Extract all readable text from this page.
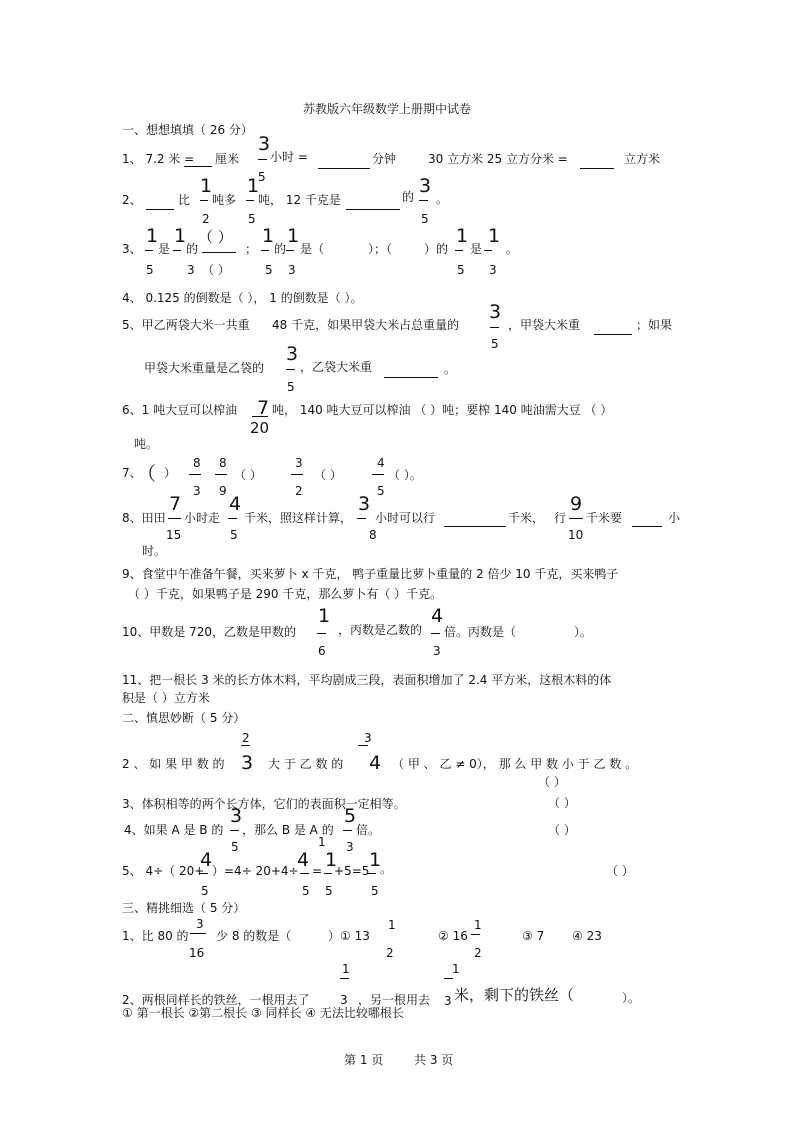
苏教版六年级数学上册期中试卷
一、想想填填（ 26 分）
1、 7.2 米 = 厘米
3
5
小时 =	分钟	30 立方米 25 立方分米 =	立方米
2、	比
1
2
吨多
1
5
吨， 12 千克是	的 3
5
。
3、
1
5
是
1
3
的
（ ）
（ ）
；
1
5
的
1
3
是（	）；（	）的
1
5
是
1
3
。
4、 0.125 的倒数是（ ）， 1 的倒数是（ ）。
5、甲乙两袋大米一共重 48 千克，如果甲袋大米占总重量的
3
5
，甲袋大米重	；如果
甲袋大米重量是乙袋的
3
5
，乙袋大米重	。
6、1 吨大豆可以榨油 7
20
吨， 140 吨大豆可以榨油 （ ）吨；要榨 140 吨油需大豆 （ ）
吨。
7、
（ ）
8
3
8
9
（ ）
3
2
（ ）
4
5
（ ）。
8、田田
7
15
小时走
4
5
千米，照这样计算，
3
8
小时可以行	千米， 行
9
10
千米要	小
时。
9、食堂中午准备午餐，买来萝卜 x 千克， 鸭子重量比萝卜重量的 2 倍少 10 千克，买来鸭子
（ ）千克，如果鸭子是 290 千克，那么萝卜有（ ）千克。
10、甲数是 720，乙数是甲数的
1
6
，丙数是乙数的
4
3
倍。丙数是（	）。
11、把一根长 3 米的长方体木料，平均剧成三段，表面积增加了 2.4 平方米，这根木料的体
积是（ ）立方米
二、慎思妙断（ 5 分）
2
2 、 如 果 甲 数 的 3 大 于 乙 数 的
3
4 （ 甲 、 乙 ≠ 0）， 那 么 甲 数 小 于 乙 数 。
（ ）
3、体积相等的两个长方体，它们的表面积一定相等。	（ ）
4、如果 A 是 B 的
3
5
，那么 B 是 A 的
5
3
倍。	（ ）
5、 4÷（ 20+
4
5
）=4÷ 20+4÷
4
5
=
1
1
5
+5=5 1
5
。	（ ）
三、精挑细选（ 5 分）
1、比 80 的
3
16
少 8 的数是（	）① 13
1
2
② 16
1
2
③ 7 ④ 23
1
2、两根同样长的铁丝，一根用去了	3 ，另一根用去
1
3 米，剩下的铁丝（	）。
① 第一根长 ②第二根长 ③ 同样长 ④ 无法比较哪根长
第 1 页	共 3 页
